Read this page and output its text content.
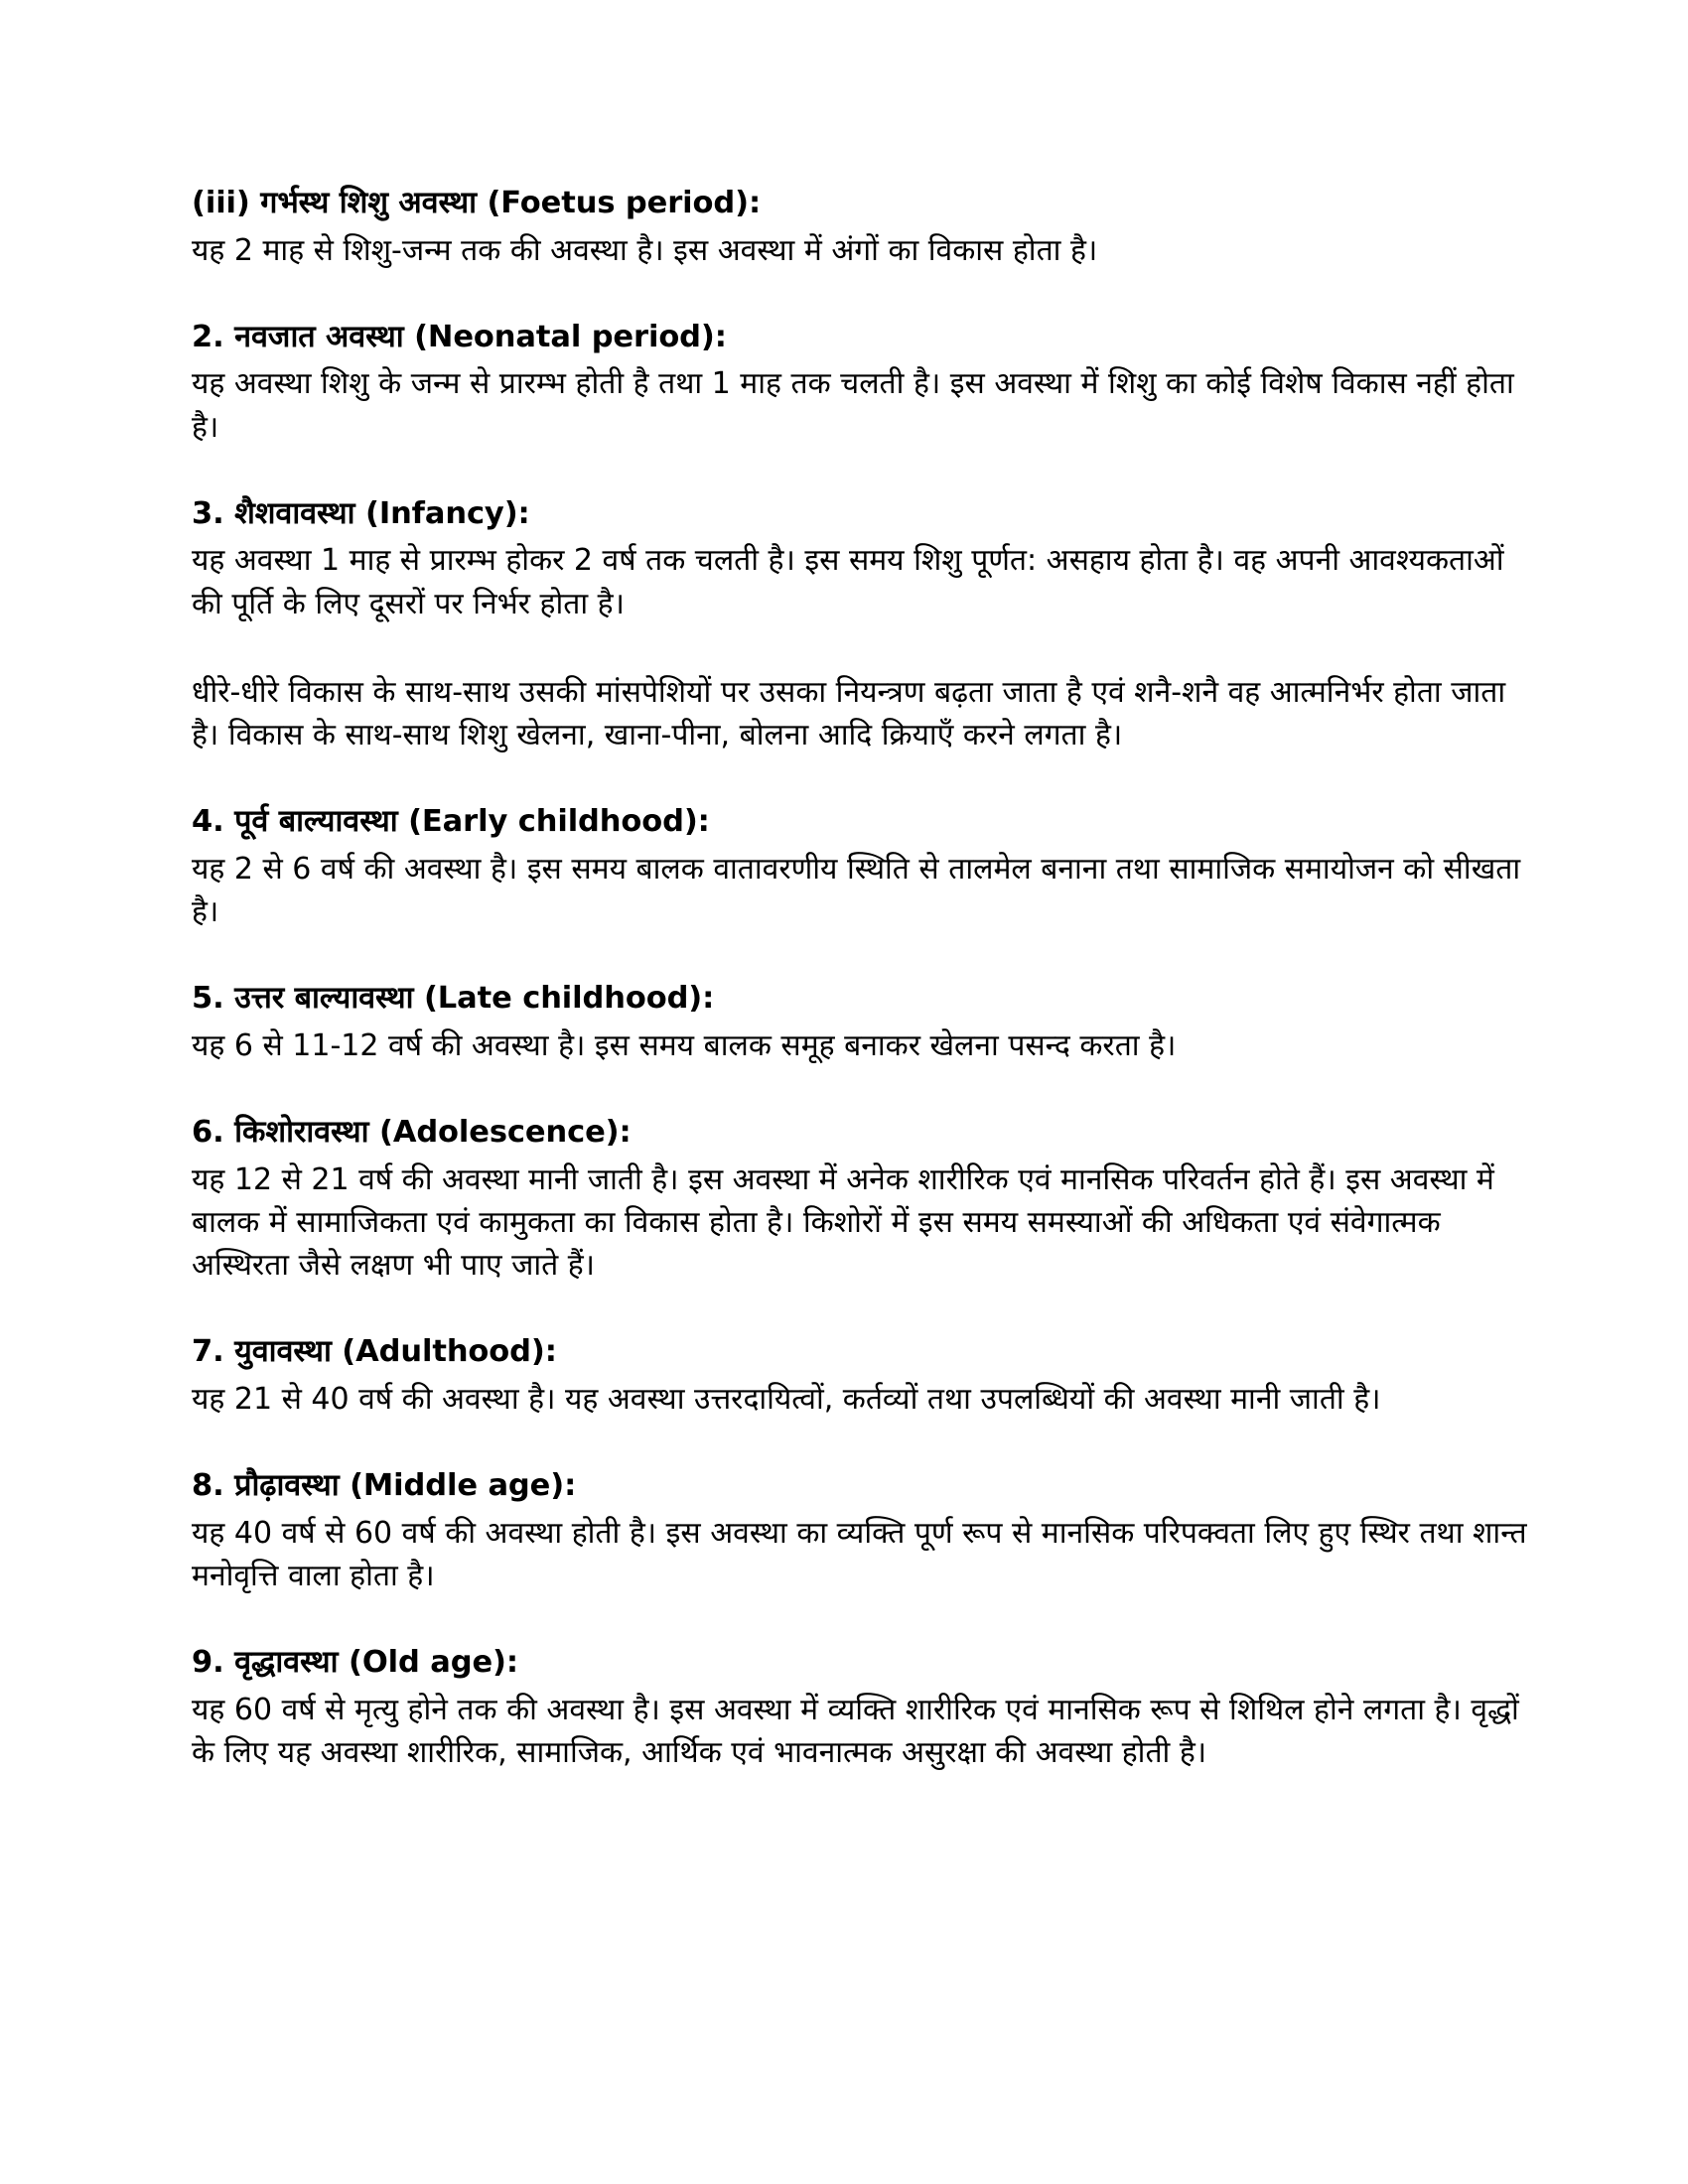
(iii) गर्भस्थ शिशु अवस्था (Foetus period):

यह 2 माह से शिशु-जन्म तक की अवस्था है। इस अवस्था में अंगों का विकास होता है।

2. नवजात अवस्था (Neonatal period):

यह अवस्था शिशु के जन्म से प्रारम्भ होती है तथा 1 माह तक चलती है। इस अवस्था में शिशु का कोई विशेष विकास नहीं होता है।

3. शैशवावस्था (Infancy):

यह अवस्था 1 माह से प्रारम्भ होकर 2 वर्ष तक चलती है। इस समय शिशु पूर्णत: असहाय होता है। वह अपनी आवश्यकताओं की पूर्ति के लिए दूसरों पर निर्भर होता है।

धीरे-धीरे विकास के साथ-साथ उसकी मांसपेशियों पर उसका नियन्त्रण बढ़ता जाता है एवं शनै-शनै वह आत्मनिर्भर होता जाता है। विकास के साथ-साथ शिशु खेलना, खाना-पीना, बोलना आदि क्रियाएँ करने लगता है।

4. पूर्व बाल्यावस्था (Early childhood):

यह 2 से 6 वर्ष की अवस्था है। इस समय बालक वातावरणीय स्थिति से तालमेल बनाना तथा सामाजिक समायोजन को सीखता है।

5. उत्तर बाल्यावस्था (Late childhood):

यह 6 से 11-12 वर्ष की अवस्था है। इस समय बालक समूह बनाकर खेलना पसन्द करता है।

6. किशोरावस्था (Adolescence):

यह 12 से 21 वर्ष की अवस्था मानी जाती है। इस अवस्था में अनेक शारीरिक एवं मानसिक परिवर्तन होते हैं। इस अवस्था में बालक में सामाजिकता एवं कामुकता का विकास होता है। किशोरों में इस समय समस्याओं की अधिकता एवं संवेगात्मक अस्थिरता जैसे लक्षण भी पाए जाते हैं।

7. युवावस्था (Adulthood):

यह 21 से 40 वर्ष की अवस्था है। यह अवस्था उत्तरदायित्वों, कर्तव्यों तथा उपलब्धियों की अवस्था मानी जाती है।

8. प्रौढ़ावस्था (Middle age):

यह 40 वर्ष से 60 वर्ष की अवस्था होती है। इस अवस्था का व्यक्ति पूर्ण रूप से मानसिक परिपक्वता लिए हुए स्थिर तथा शान्त मनोवृत्ति वाला होता है।

9. वृद्धावस्था (Old age):

यह 60 वर्ष से मृत्यु होने तक की अवस्था है। इस अवस्था में व्यक्ति शारीरिक एवं मानसिक रूप से शिथिल होने लगता है। वृद्धों के लिए यह अवस्था शारीरिक, सामाजिक, आर्थिक एवं भावनात्मक असुरक्षा की अवस्था होती है।
